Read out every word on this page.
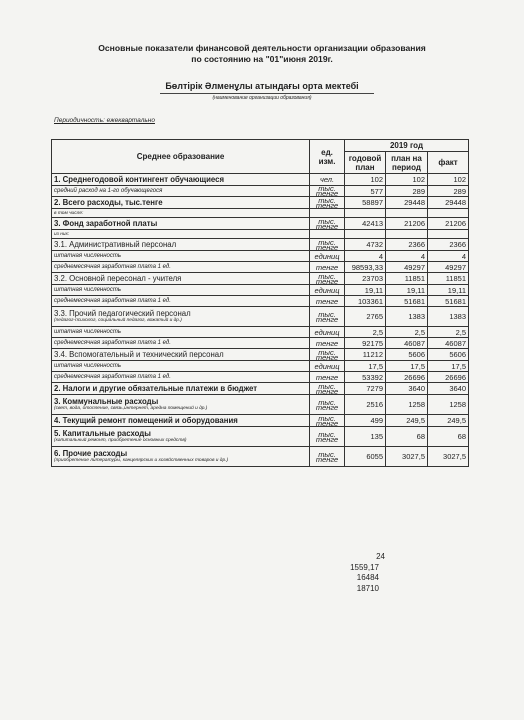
Основные показатели финансовой деятельности организации образования
по состоянию на "01"июня 2019г.
Бөлтірік Әлменұлы атындағы орта мектебі
(наименование организации образования)
Периодичность: ежеквартально
Среднее образование	ед. изм.	2019 год		
		годовой план	план на период	факт
1. Среднегодовой контингент обучающиеся	чел.	102	102	102
средний расход на 1-го обучающегося	тыс. тенге	577	289	289
2. Всего расходы, тыс.тенге	тыс. тенге	58897	29448	29448
в том числе:				
3. Фонд заработной платы	тыс. тенге	42413	21206	21206
из них:				
3.1. Административный персонал	тыс. тенге	4732	2366	2366
штатная численность	единиц	4	4	4
среднемесячная заработная плата 1 ед.	тенге	98593,33	49297	49297
3.2. Основной пересонал - учителя	тыс. тенге	23703	11851	11851
штатная численность	единиц	19,11	19,11	19,11
среднемесячная заработная плата 1 ед.	тенге	103361	51681	51681
3.3. Прочий педагогический персонал
(педагог-психолог, социальный педагог, вожатый и др.)	тыс. тенге	2765	1383	1383
штатная численность	единиц	2,5	2,5	2,5
среднемесячная заработная плата 1 ед.	тенге	92175	46087	46087
3.4. Вспомогательный и технический персонал	тыс. тенге	11212	5606	5606
штатная численность	единиц	17,5	17,5	17,5
среднемесячная заработная плата 1 ед.	тенге	53392	26696	26696
2. Налоги и другие обязательные платежи в бюджет	тыс. тенге	7279	3640	3640
3. Коммунальные расходы
(свет, вода, отопление, связь,интернет, аредна помещений и др.)	тыс. тенге	2516	1258	1258
4. Текущий ремонт помещений и оборудования	тыс. тенге	499	249,5	249,5
5. Капитальные расходы
(капитальный ремонт, приобретение основных средств)	тыс. тенге	135	68	68
6. Прочие расходы
(приобретение литературы, канцелярских и хозяйственных товаров и др.)	тыс. тенге	6055	3027,5	3027,5
24
1559,17
16484
18710
